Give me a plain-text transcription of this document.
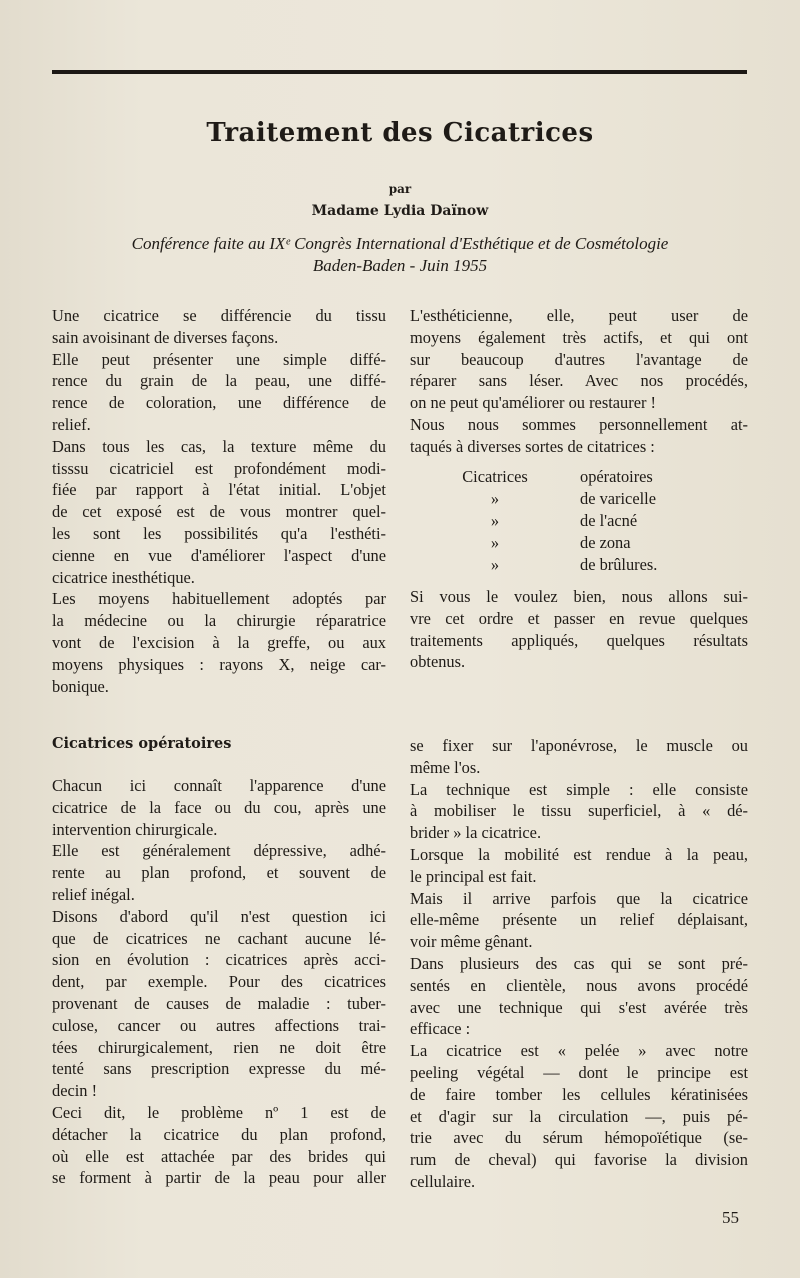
Traitement des Cicatrices
par
Madame Lydia Daïnow
Conférence faite au IXᵉ Congrès International d'Esthétique et de Cosmétologie
Baden-Baden - Juin 1955

Une cicatrice se différencie du tissu

sain avoisinant de diverses façons.

Elle peut présenter une simple diffé-

rence du grain de la peau, une diffé-

rence de coloration, une différence de

relief.

Dans tous les cas, la texture même du

tisssu cicatriciel est profondément modi-

fiée par rapport à l'état initial. L'objet

de cet exposé est de vous montrer quel-

les sont les possibilités qu'a l'esthéti-

cienne en vue d'améliorer l'aspect d'une

cicatrice inesthétique.

Les moyens habituellement adoptés par

la médecine ou la chirurgie réparatrice

vont de l'excision à la greffe, ou aux

moyens physiques : rayons X, neige car-

bonique.

L'esthéticienne, elle, peut user de

moyens également très actifs, et qui ont

sur beaucoup d'autres l'avantage de

réparer sans léser. Avec nos procédés,

on ne peut qu'améliorer ou restaurer !

Nous nous sommes personnellement at-

taqués à diverses sortes de citatrices :

Cicatrices	opératoires
»	de varicelle
»	de l'acné
»	de zona
»	de brûlures.

Si vous le voulez bien, nous allons sui-

vre cet ordre et passer en revue quelques

traitements appliqués, quelques résultats

obtenus.

Cicatrices opératoires

Chacun ici connaît l'apparence d'une

cicatrice de la face ou du cou, après une

intervention chirurgicale.

Elle est généralement dépressive, adhé-

rente au plan profond, et souvent de

relief inégal.

Disons d'abord qu'il n'est question ici

que de cicatrices ne cachant aucune lé-

sion en évolution : cicatrices après acci-

dent, par exemple. Pour des cicatrices

provenant de causes de maladie : tuber-

culose, cancer ou autres affections trai-

tées chirurgicalement, rien ne doit être

tenté sans prescription expresse du mé-

decin !

Ceci dit, le problème nº 1 est de

détacher la cicatrice du plan profond,

où elle est attachée par des brides qui

se forment à partir de la peau pour aller

se fixer sur l'aponévrose, le muscle ou

même l'os.

La technique est simple : elle consiste

à mobiliser le tissu superficiel, à « dé-

brider » la cicatrice.

Lorsque la mobilité est rendue à la peau,

le principal est fait.

Mais il arrive parfois que la cicatrice

elle-même présente un relief déplaisant,

voir même gênant.

Dans plusieurs des cas qui se sont pré-

sentés en clientèle, nous avons procédé

avec une technique qui s'est avérée très

efficace :

La cicatrice est « pelée » avec notre

peeling végétal — dont le principe est

de faire tomber les cellules kératinisées

et d'agir sur la circulation —, puis pé-

trie avec du sérum hémopoïétique (se-

rum de cheval) qui favorise la division

cellulaire.

55
